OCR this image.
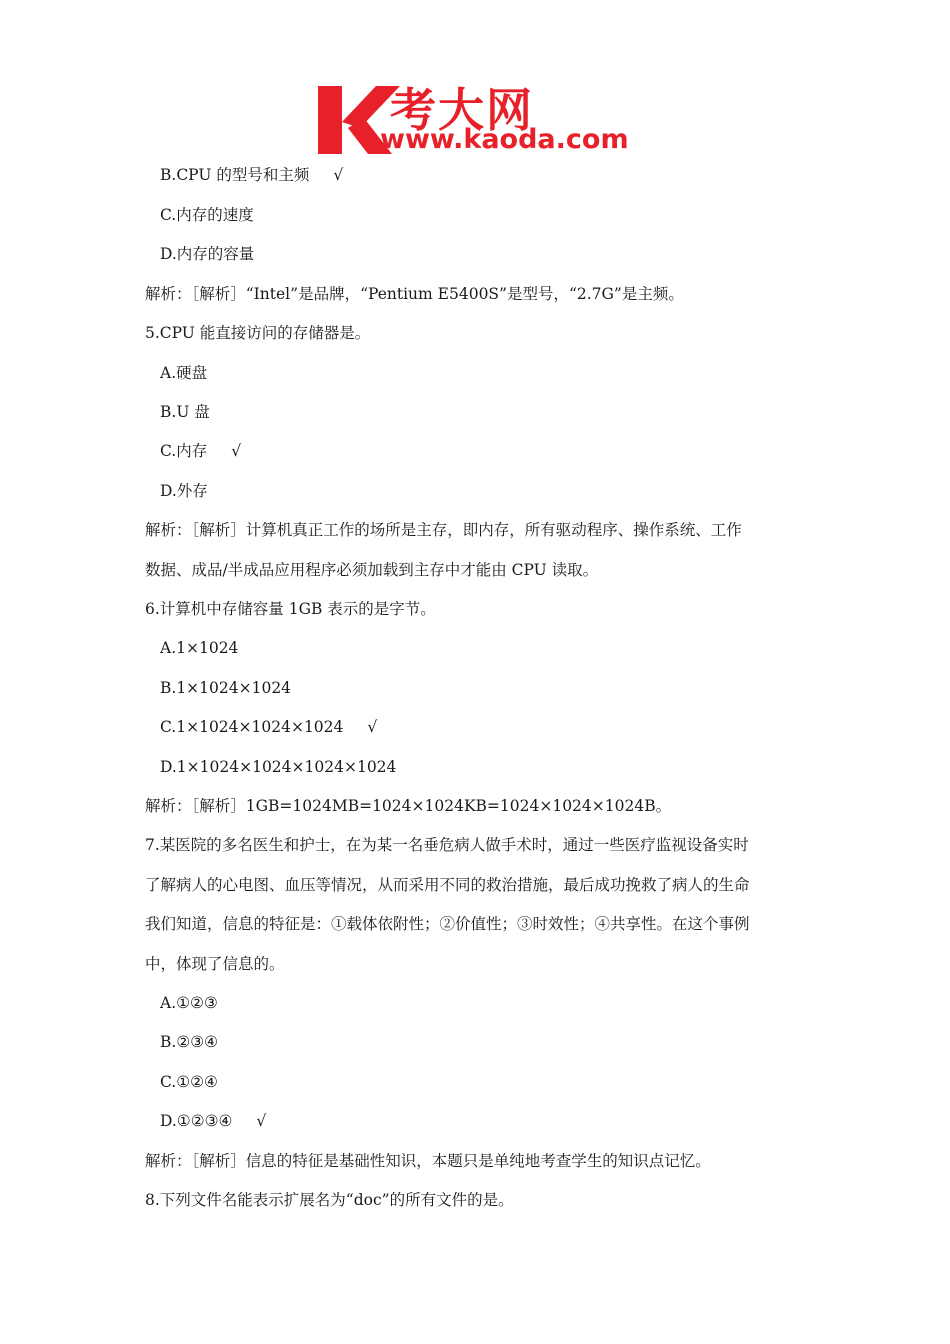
考大网
www.kaoda.com
B.CPU 的型号和主频 √
C.内存的速度
D.内存的容量
解析：［解析］“Intel”是品牌，“Pentium E5400S”是型号，“2.7G”是主频。
5.CPU 能直接访问的存储器是。
A.硬盘
B.U 盘
C.内存 √
D.外存
解析：［解析］计算机真正工作的场所是主存，即内存，所有驱动程序、操作系统、工作
数据、成品/半成品应用程序必须加载到主存中才能由 CPU 读取。
6.计算机中存储容量 1GB 表示的是字节。
A.1×1024
B.1×1024×1024
C.1×1024×1024×1024 √
D.1×1024×1024×1024×1024
解析：［解析］1GB=1024MB=1024×1024KB=1024×1024×1024B。
7.某医院的多名医生和护士，在为某一名垂危病人做手术时，通过一些医疗监视设备实时
了解病人的心电图、血压等情况，从而采用不同的救治措施，最后成功挽救了病人的生命
我们知道，信息的特征是：①载体依附性；②价值性；③时效性；④共享性。在这个事例
中，体现了信息的。
A.①②③
B.②③④
C.①②④
D.①②③④ √
解析：［解析］信息的特征是基础性知识，本题只是单纯地考查学生的知识点记忆。
8.下列文件名能表示扩展名为“doc”的所有文件的是。
